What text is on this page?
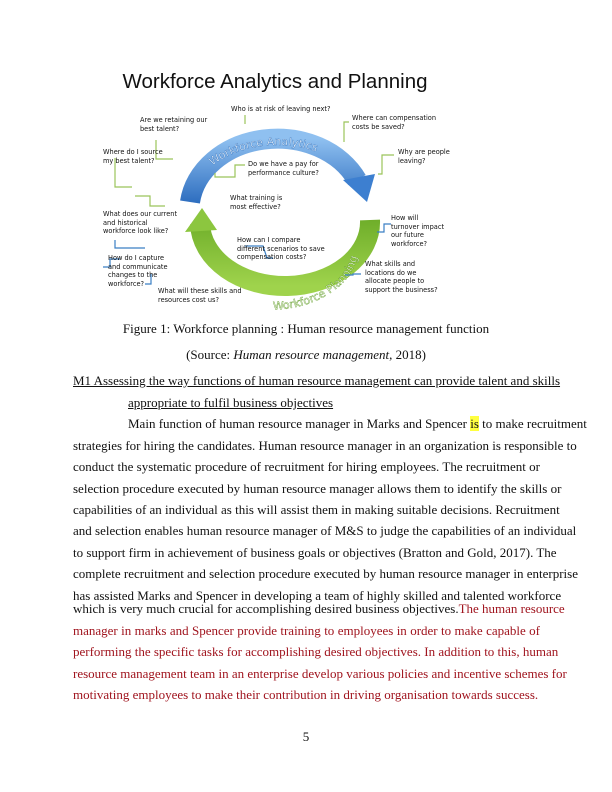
Workforce Analytics and Planning
Workforce Analytics
Workforce Planning
Who is at risk of leaving next?
Are we retaining our
best talent?
Where can compensation
costs be saved?
Where do I source
my best talent?
Why are people
leaving?
Do we have a pay for
performance culture?
What training is
most effective?
What does our current
and historical
workforce look like?
How will
turnover impact
our future
workforce?
How can I compare
different scenarios to save
compensation costs?
How do I capture
and communicate
changes to the
workforce?
What skills and
locations do we
allocate people to
support the business?
What will these skills and
resources cost us?
Figure 1: Workforce planning : Human resource management function
(Source: Human resource management, 2018)
M1 Assessing the way functions of human resource management can provide talent and skills
appropriate to fulfil business objectives
Main function of human resource manager in Marks and Spencer is to make recruitment
strategies for hiring the candidates. Human resource manager in an organization is responsible to
conduct the systematic procedure of recruitment for hiring employees. The recruitment or
selection procedure executed by human resource manager allows them to identify the skills or
capabilities of an individual as this will assist them in making suitable decisions. Recruitment
and selection enables human resource manager of M&S to judge the capabilities of an individual
to support firm in achievement of business goals or objectives (Bratton and Gold, 2017). The
complete recruitment and selection procedure executed by human resource manager in enterprise
has assisted Marks and Spencer in developing a team of highly skilled and talented workforce
which is very much crucial for accomplishing desired business objectives. The human resource
manager in marks and Spencer provide training to employees in order to make capable of
performing the specific tasks for accomplishing desired objectives. In addition to this, human
resource management team in an enterprise develop various policies and incentive schemes for
motivating employees to make their contribution in driving organisation towards success.
5
